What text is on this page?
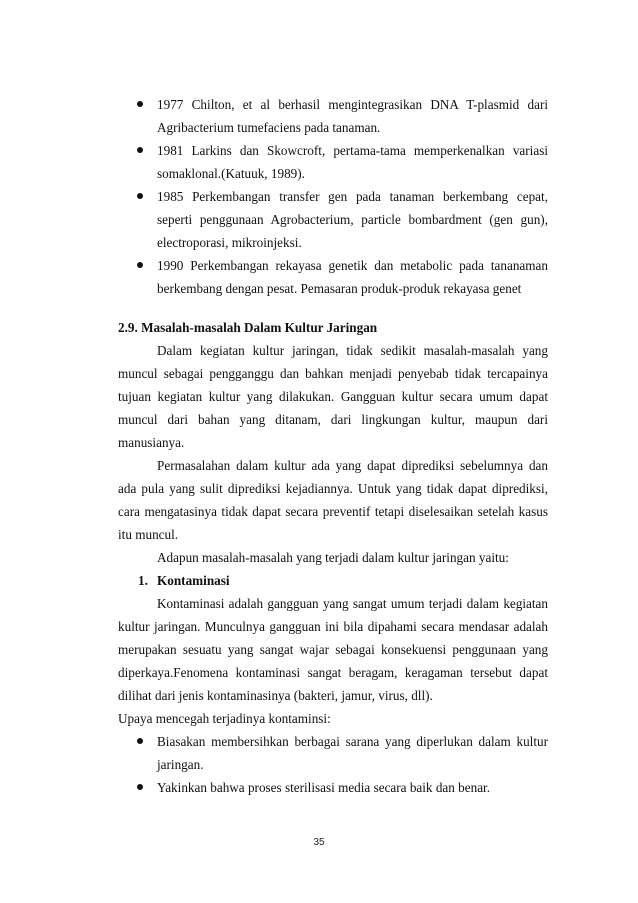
1977 Chilton, et al berhasil mengintegrasikan DNA T-plasmid dari Agribacterium tumefaciens pada tanaman.
1981 Larkins dan Skowcroft, pertama-tama memperkenalkan variasi somaklonal.(Katuuk, 1989).
1985 Perkembangan transfer gen pada tanaman berkembang cepat, seperti penggunaan Agrobacterium, particle bombardment (gen gun), electroporasi, mikroinjeksi.
1990 Perkembangan rekayasa genetik dan metabolic pada tananaman berkembang dengan pesat. Pemasaran produk-produk rekayasa genet

2.9. Masalah-masalah Dalam Kultur Jaringan

Dalam kegiatan kultur jaringan, tidak sedikit masalah-masalah yang muncul sebagai pengganggu dan bahkan menjadi penyebab tidak tercapainya tujuan kegiatan kultur yang dilakukan. Gangguan kultur secara umum dapat muncul dari bahan yang ditanam, dari lingkungan kultur, maupun dari manusianya.

Permasalahan dalam kultur ada yang dapat diprediksi sebelumnya dan ada pula yang sulit diprediksi kejadiannya. Untuk yang tidak dapat diprediksi, cara mengatasinya tidak dapat secara preventif tetapi diselesaikan setelah kasus itu muncul.

Adapun masalah-masalah yang terjadi dalam kultur jaringan yaitu:

1. Kontaminasi

Kontaminasi adalah gangguan yang sangat umum terjadi dalam kegiatan kultur jaringan. Munculnya gangguan ini bila dipahami secara mendasar adalah merupakan sesuatu yang sangat wajar sebagai konsekuensi penggunaan yang diperkaya.Fenomena kontaminasi sangat beragam, keragaman tersebut dapat dilihat dari jenis kontaminasinya (bakteri, jamur, virus, dll).

Upaya mencegah terjadinya kontaminsi:

Biasakan membersihkan berbagai sarana yang diperlukan dalam kultur jaringan.
Yakinkan bahwa proses sterilisasi media secara baik dan benar.
35
